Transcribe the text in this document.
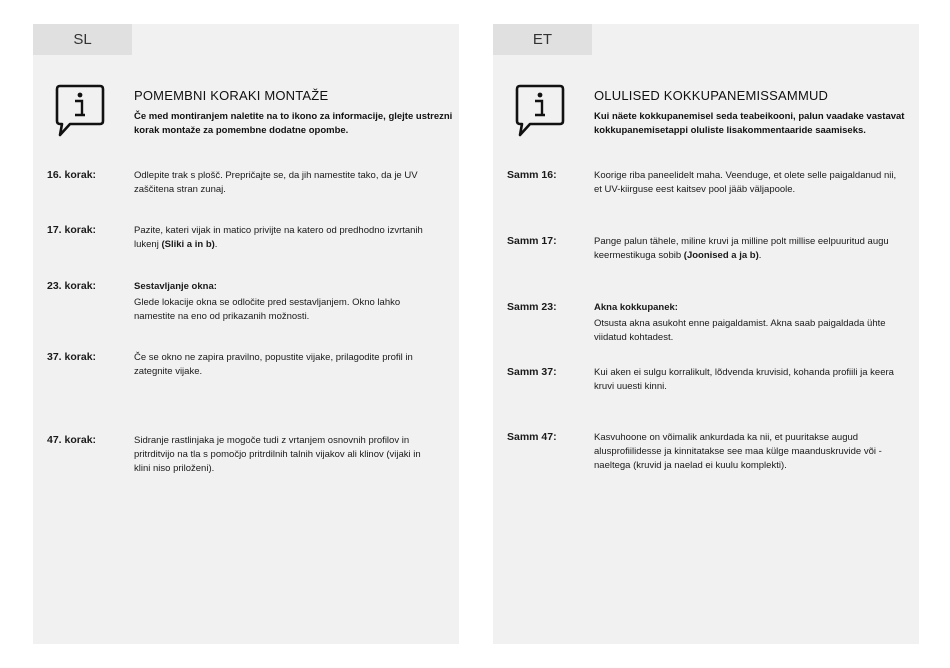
SL
POMEMBNI KORAKI MONTAŽE
Če med montiranjem naletite na to ikono za informacije, glejte ustrezni korak montaže za pomembne dodatne opombe.
16. korak:	Odlepite trak s plošč. Prepričajte se, da jih namestite tako, da je UV zaščitena stran zunaj.
17. korak:	Pazite, kateri vijak in matico privijte na katero od predhodno izvrtanih lukenj (Sliki a in b).
23. korak:	Sestavljanje okna:
Glede lokacije okna se odločite pred sestavljanjem. Okno lahko namestite na eno od prikazanih možnosti.
37. korak:	Če se okno ne zapira pravilno, popustite vijake, prilagodite profil in zategnite vijake.
47. korak:	Sidranje rastlinjaka je mogoče tudi z vrtanjem osnovnih profilov in pritrditvijo na tla s pomočjo pritrdilnih talnih vijakov ali klinov (vijaki in klini niso priloženi).
ET
OLULISED KOKKUPANEMISSAMMUD
Kui näete kokkupanemisel seda teabeikooni, palun vaadake vastavat kokkupanemisetappi oluliste lisakommentaaride saamiseks.
Samm 16:	Koorige riba paneelidelt maha. Veenduge, et olete selle paigaldanud nii, et UV-kiirguse eest kaitsev pool jääb väljapoole.
Samm 17:	Pange palun tähele, miline kruvi ja milline polt millise eelpuuritud augu keermestikuga sobib (Joonised a ja b).
Samm 23:	Akna kokkupanek:
Otsusta akna asukoht enne paigaldamist. Akna saab paigaldada ühte viidatud kohtadest.
Samm 37:	Kui aken ei sulgu korralikult, lõdvenda kruvisid, kohanda profiili ja keera kruvi uuesti kinni.
Samm 47:	Kasvuhoone on võimalik ankurdada ka nii, et puuritakse augud alusprofiilidesse ja kinnitatakse see maa külge maanduskruvide või -naeltega (kruvid ja naelad ei kuulu komplekti).
